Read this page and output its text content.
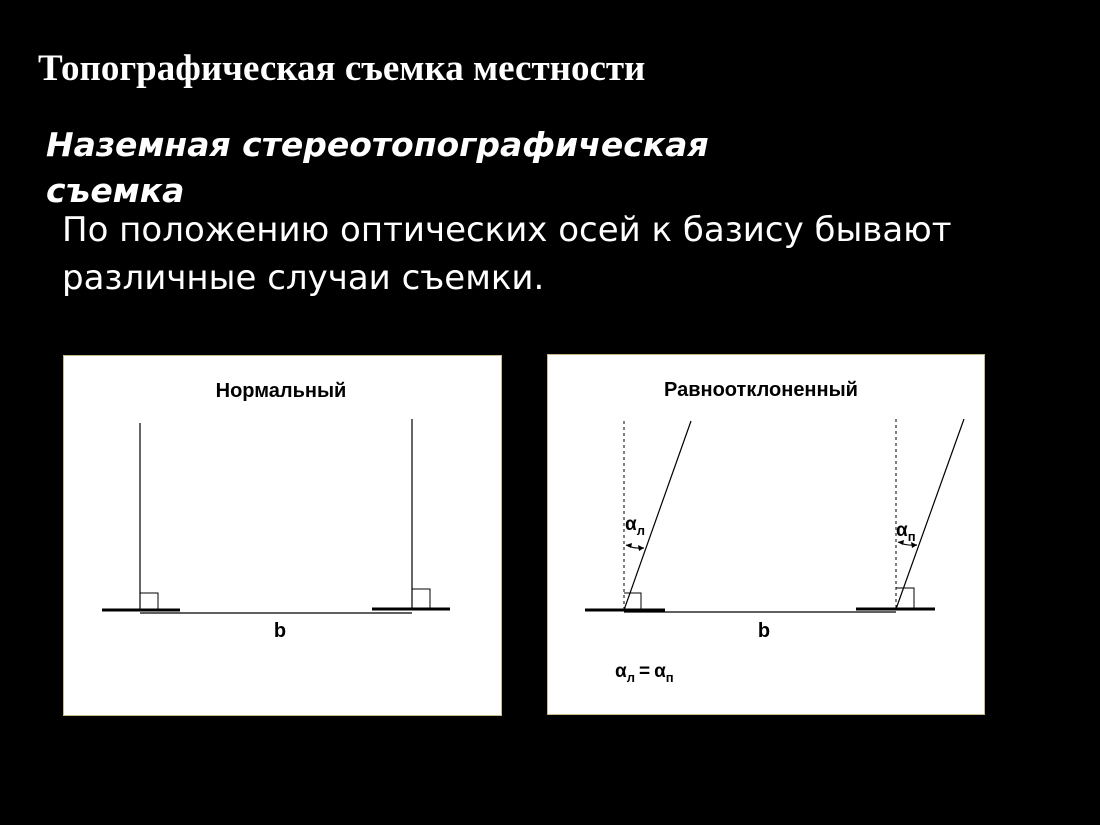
Топографическая съемка местности
Наземная стереотопографическая съемка

По положению оптических осей к базису бывают различные случаи съемки.

Нормальный
b
Равноотклоненный
$\alpha_л$	$\alpha_п$
b
$\alpha_л = \alpha_п$
